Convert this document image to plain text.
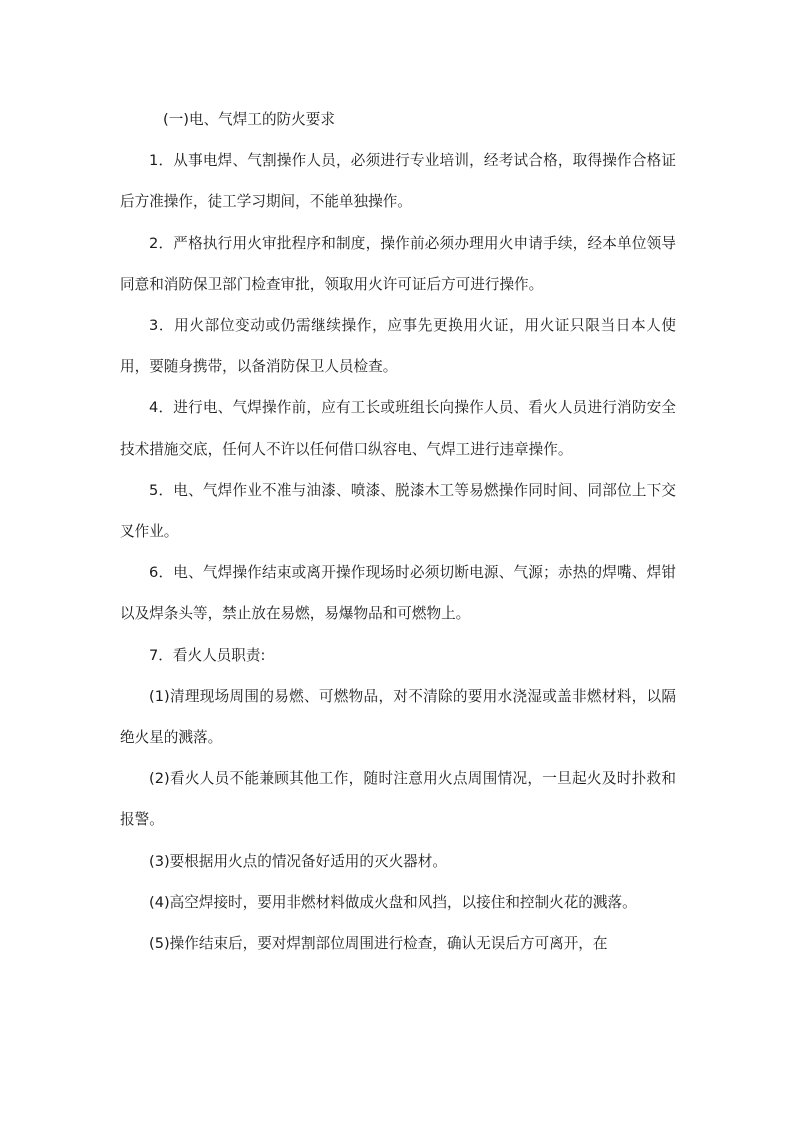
(一)电、气焊工的防火要求

1．从事电焊、气割操作人员，必须进行专业培训，经考试合格，取得操作合格证后方准操作，徒工学习期间，不能单独操作。

2．严格执行用火审批程序和制度，操作前必须办理用火申请手续，经本单位领导同意和消防保卫部门检查审批，领取用火许可证后方可进行操作。

3．用火部位变动或仍需继续操作，应事先更换用火证，用火证只限当日本人使用，要随身携带，以备消防保卫人员检查。

4．进行电、气焊操作前，应有工长或班组长向操作人员、看火人员进行消防安全技术措施交底，任何人不许以任何借口纵容电、气焊工进行违章操作。

5．电、气焊作业不准与油漆、喷漆、脱漆木工等易燃操作同时间、同部位上下交叉作业。

6．电、气焊操作结束或离开操作现场时必须切断电源、气源；赤热的焊嘴、焊钳以及焊条头等，禁止放在易燃，易爆物品和可燃物上。

7．看火人员职责:

(1)清理现场周围的易燃、可燃物品，对不清除的要用水浇湿或盖非燃材料，以隔绝火星的溅落。

(2)看火人员不能兼顾其他工作，随时注意用火点周围情况，一旦起火及时扑救和报警。

(3)要根据用火点的情况备好适用的灭火器材。

(4)高空焊接时，要用非燃材料做成火盘和风挡，以接住和控制火花的溅落。

(5)操作结束后，要对焊割部位周围进行检查，确认无误后方可离开，在
